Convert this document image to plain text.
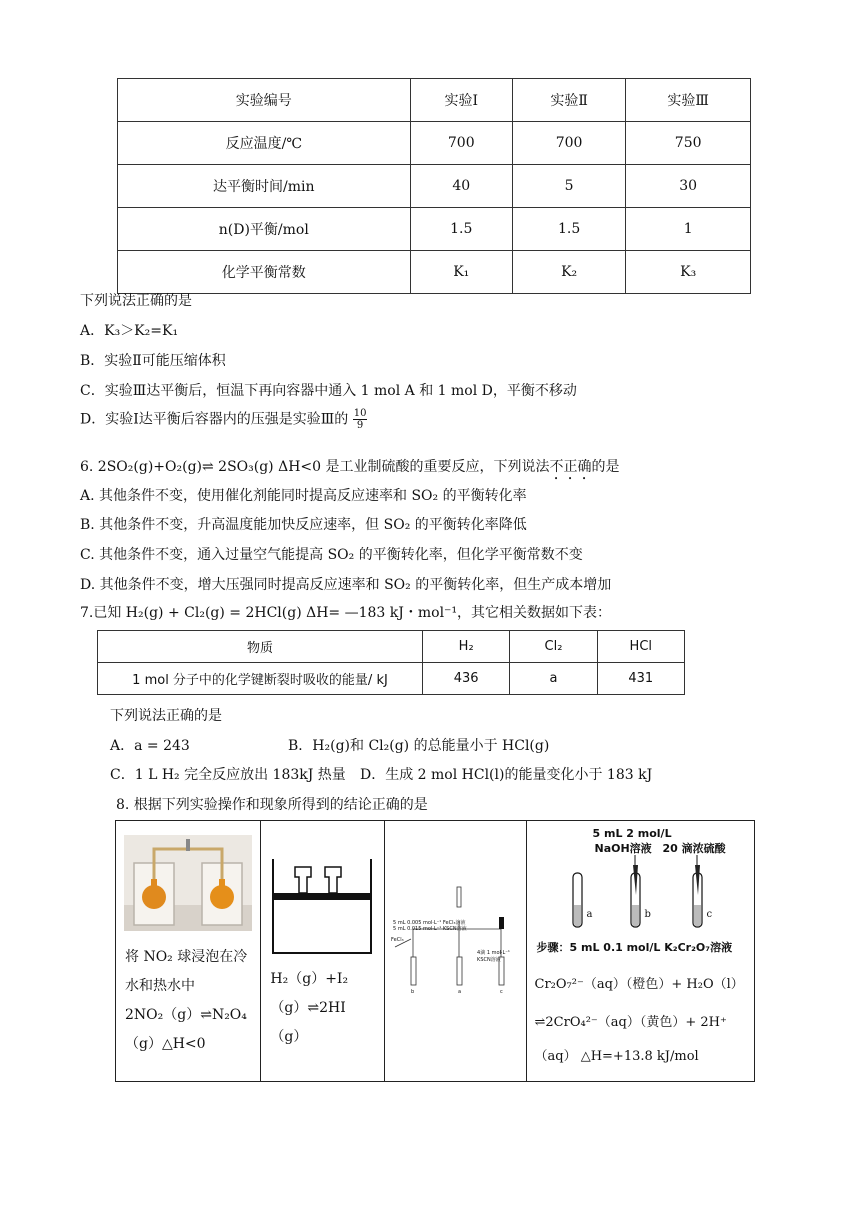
实验编号	实验Ⅰ	实验Ⅱ	实验Ⅲ
反应温度/℃	700	700	750
达平衡时间/min	40	5	30
n(D)平衡/mol	1.5	1.5	1
化学平衡常数	K₁	K₂	K₃
下列说法正确的是
A．K₃＞K₂=K₁
B．实验Ⅱ可能压缩体积
C．实验Ⅲ达平衡后，恒温下再向容器中通入 1 mol A 和 1 mol D，平衡不移动
D．实验Ⅰ达平衡后容器内的压强是实验Ⅲ的 $\frac{10}{9}$
6. 2SO₂(g)+O₂(g)⇌ 2SO₃(g) ΔH<0 是工业制硫酸的重要反应，下列说法不正确的是
A. 其他条件不变，使用催化剂能同时提高反应速率和 SO₂ 的平衡转化率
B. 其他条件不变，升高温度能加快反应速率，但 SO₂ 的平衡转化率降低
C. 其他条件不变，通入过量空气能提高 SO₂ 的平衡转化率，但化学平衡常数不变
D. 其他条件不变，增大压强同时提高反应速率和 SO₂ 的平衡转化率，但生产成本增加
7.已知 H₂(g) + Cl₂(g) = 2HCl(g) ΔH= —183 kJ・mol⁻¹，其它相关数据如下表：
物质	H₂	Cl₂	HCl
1 mol 分子中的化学键断裂时吸收的能量/ kJ	436	a	431
下列说法正确的是
A．a = 243	B．H₂(g)和 Cl₂(g) 的总能量小于 HCl(g)
C．1 L H₂ 完全反应放出 183kJ 热量 D．生成 2 mol HCl(l)的能量变化小于 183 kJ
8. 根据下列实验操作和现象所得到的结论正确的是
将 NO₂ 球浸泡在冷
水和热水中
2NO₂（g）⇌N₂O₄
（g）△H<0

H₂（g）+I₂
（g）⇌2HI
（g）

5 mL 0.005 mol·L⁻¹ FeCl₃溶液
5 mL 0.015 mol·L⁻¹ KSCN溶液
FeCl₃
4滴 1 mol·L⁻¹ KSCN溶液
b	a	c

5 mL 2 mol/L
NaOH溶液 20 滴浓硫酸
a	b	c
步骤：5 mL 0.1 mol/L K₂Cr₂O₇溶液
Cr₂O₇²⁻（aq）（橙色）+ H₂O（l）
⇌2CrO₄²⁻（aq）（黄色）+ 2H⁺
（aq） △H=+13.8 kJ/mol
